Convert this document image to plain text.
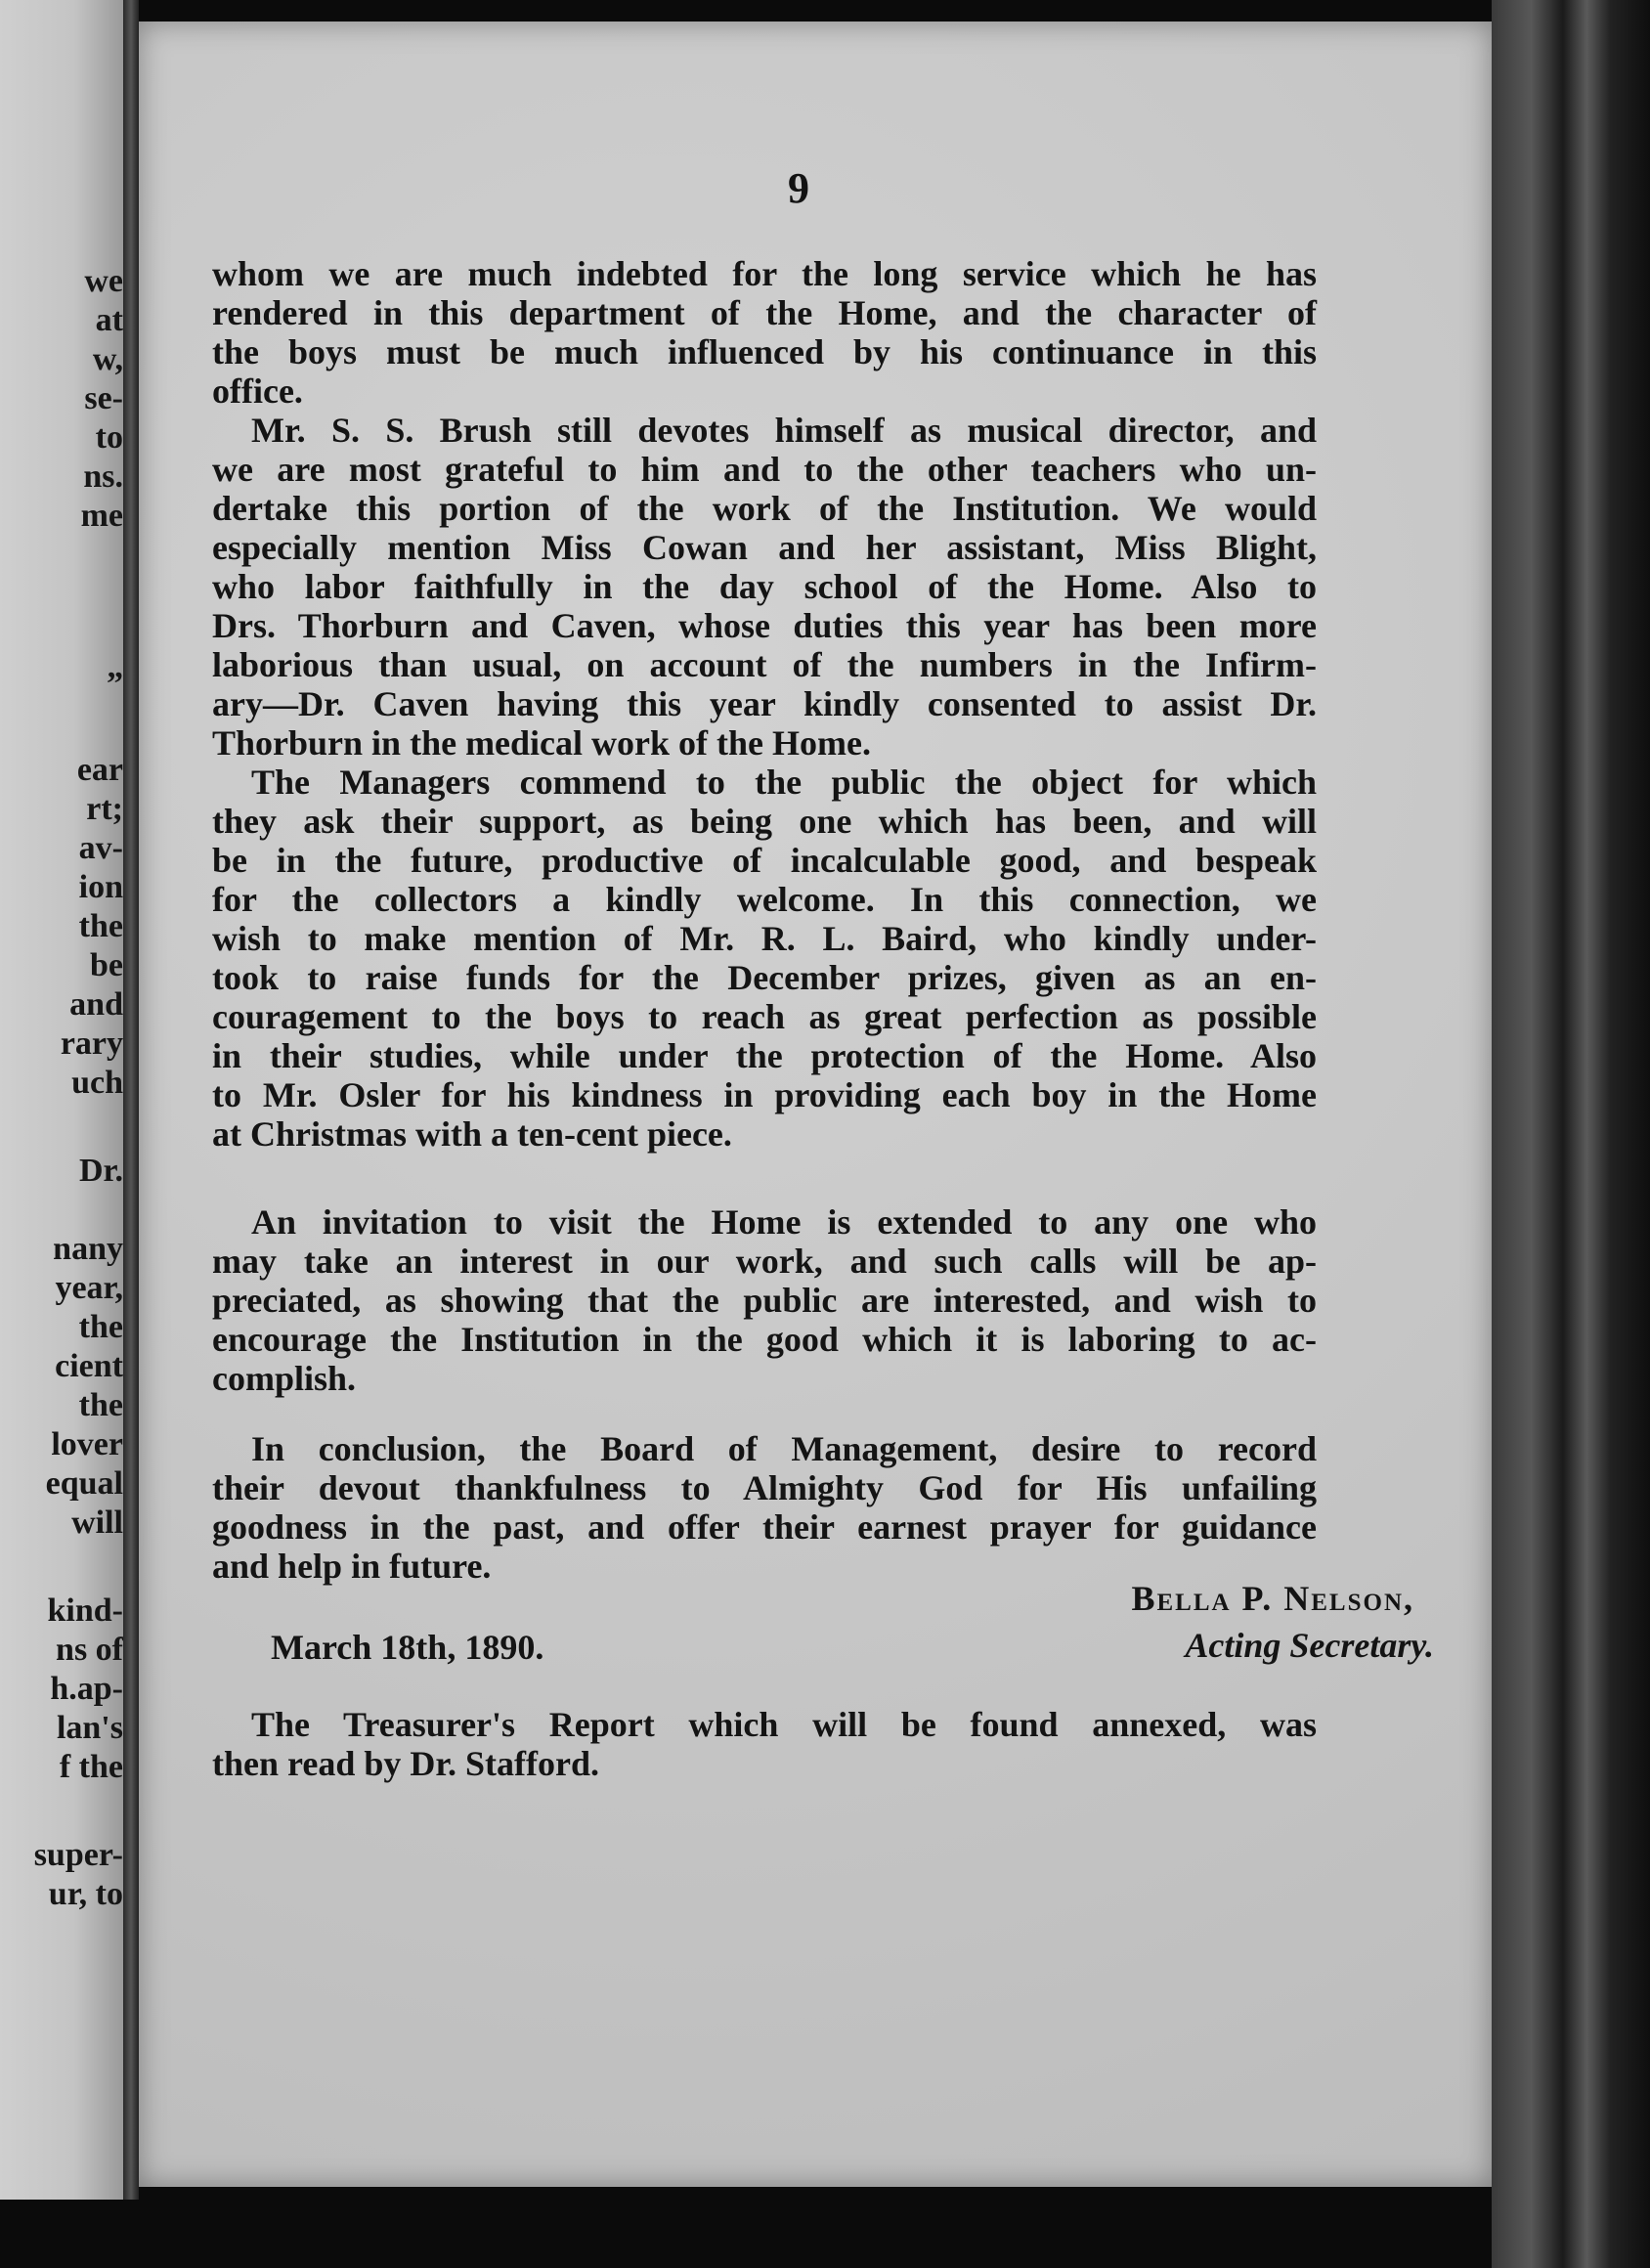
we
at
w,
se-
to
ns.
me
”
ear
rt;
av-
ion
the
be
and
rary
uch
Dr.
nany
year,
the
cient
the
lover
equal
will
kind-
ns of
h.ap-
lan's
f the
super-
ur, to
9
whom we are much indebted for the long service which he has
rendered in this department of the Home, and the character of
the boys must be much influenced by his continuance in this
office.
Mr. S. S. Brush still devotes himself as musical director, and
we are most grateful to him and to the other teachers who un-
dertake this portion of the work of the Institution. We would
especially mention Miss Cowan and her assistant, Miss Blight,
who labor faithfully in the day school of the Home. Also to
Drs. Thorburn and Caven, whose duties this year has been more
laborious than usual, on account of the numbers in the Infirm-
ary—Dr. Caven having this year kindly consented to assist Dr.
Thorburn in the medical work of the Home.
The Managers commend to the public the object for which
they ask their support, as being one which has been, and will
be in the future, productive of incalculable good, and bespeak
for the collectors a kindly welcome. In this connection, we
wish to make mention of Mr. R. L. Baird, who kindly under-
took to raise funds for the December prizes, given as an en-
couragement to the boys to reach as great perfection as possible
in their studies, while under the protection of the Home. Also
to Mr. Osler for his kindness in providing each boy in the Home
at Christmas with a ten-cent piece.
An invitation to visit the Home is extended to any one who
may take an interest in our work, and such calls will be ap-
preciated, as showing that the public are interested, and wish to
encourage the Institution in the good which it is laboring to ac-
complish.
In conclusion, the Board of Management, desire to record
their devout thankfulness to Almighty God for His unfailing
goodness in the past, and offer their earnest prayer for guidance
and help in future.
Bella P. Nelson,
Acting Secretary.
March 18th, 1890.
The Treasurer's Report which will be found annexed, was
then read by Dr. Stafford.
